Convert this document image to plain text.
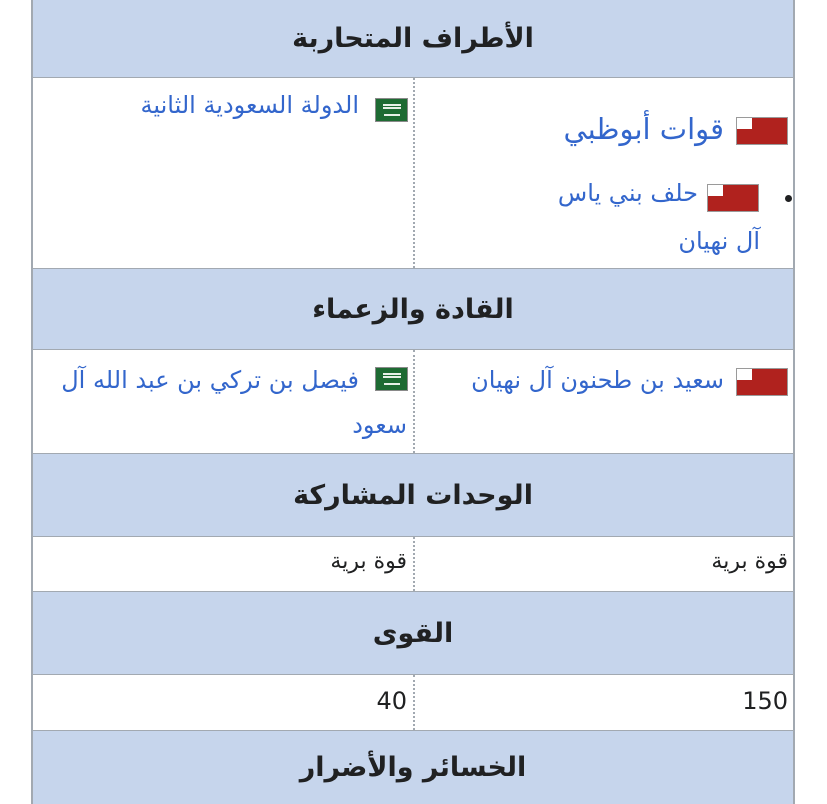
الأطراف المتحاربة
قوات أبوظبي
حلف بني ياس
آل نهيان
الدولة السعودية الثانية
القادة والزعماء
سعيد بن طحنون آل نهيان
فيصل بن تركي بن عبد الله آل
سعود
الوحدات المشاركة
قوة برية
قوة برية
القوى
150
40
الخسائر والأضرار
